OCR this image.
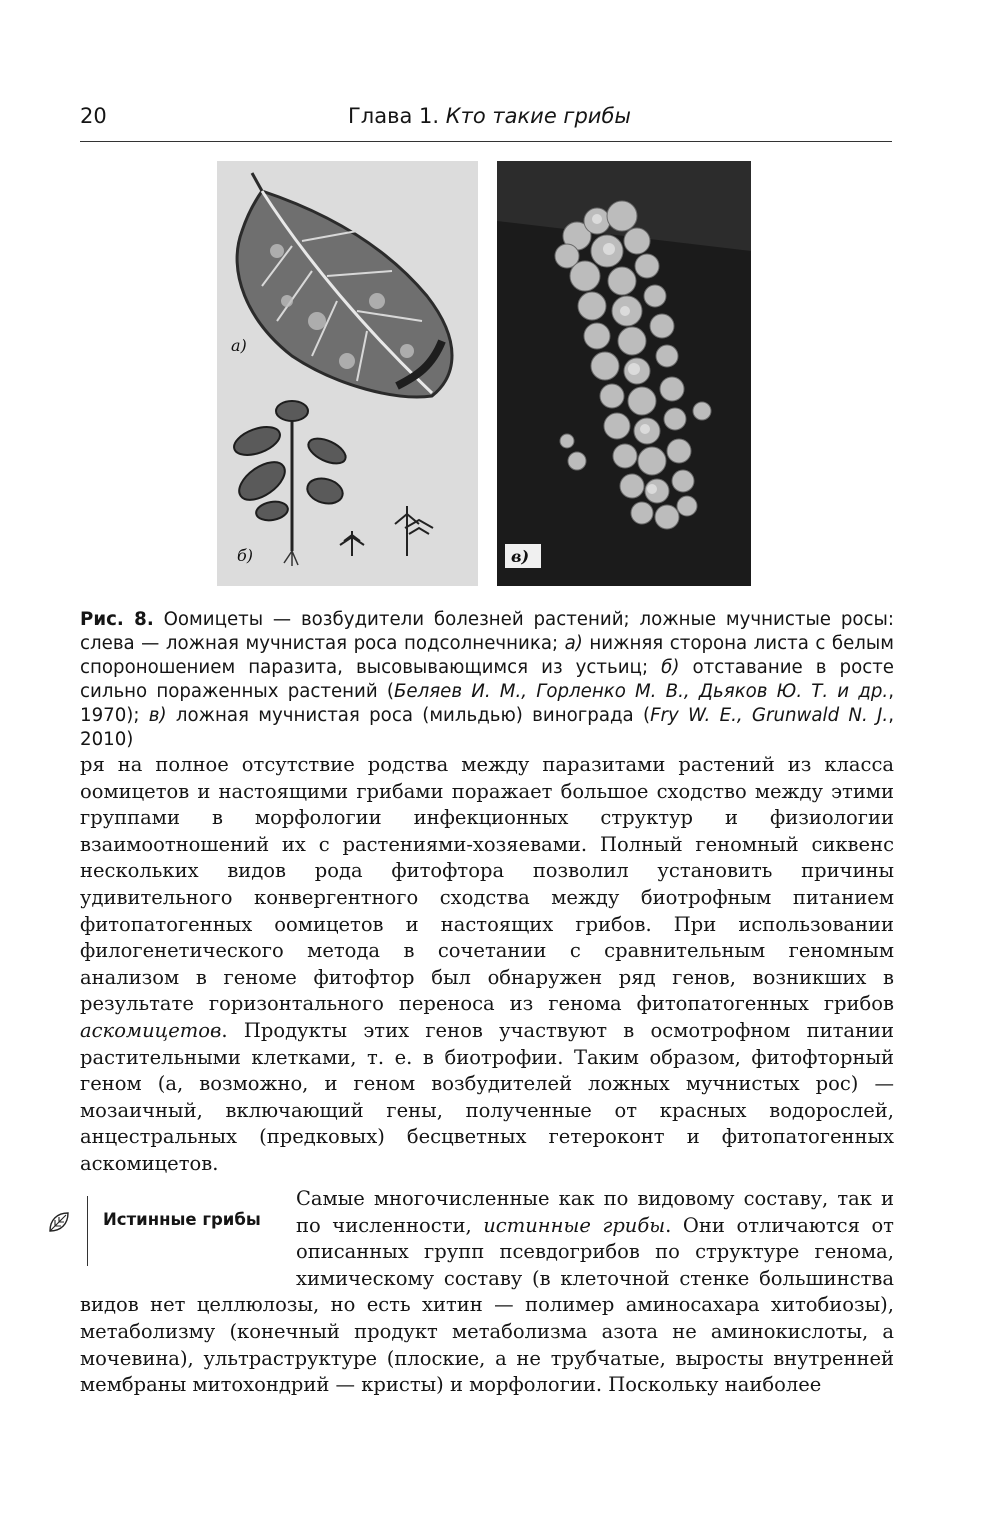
20	Глава 1. Кто такие грибы
а)
б)	в)
Рис. 8. Оомицеты — возбудители болезней растений; ложные мучнистые росы: слева — ложная мучнистая роса подсолнечника; а) нижняя сторона листа с белым спороношением паразита, высовывающимся из устьиц; б) отставание в росте сильно пораженных растений (Беляев И. М., Горленко М. В., Дьяков Ю. Т. и др., 1970); в) ложная мучнистая роса (мильдью) винограда (Fry W. E., Grunwald N. J., 2010)
ря на полное отсутствие родства между паразитами растений из класса оомицетов и настоящими грибами поражает большое сходство между этими группами в морфологии инфекционных структур и физиологии взаимоотношений их с растениями-хозяевами. Полный геномный сиквенс нескольких видов рода фитофтора позволил установить причины удивительного конвергентного сходства между биотрофным питанием фитопатогенных оомицетов и настоящих грибов. При использовании филогенетического метода в сочетании с сравнительным геномным анализом в геноме фитофтор был обнаружен ряд генов, возникших в результате горизонтального переноса из генома фитопатогенных грибов аскомицетов. Продукты этих генов участвуют в осмотрофном питании растительными клетками, т. е. в биотрофии. Таким образом, фитофторный геном (а, возможно, и геном возбудителей ложных мучнистых рос) — мозаичный, включающий гены, полученные от красных водорослей, анцестральных (предковых) бесцветных гетероконт и фитопатогенных аскомицетов.
Истинные грибы
Самые многочисленные как по видовому составу, так и по численности, истинные грибы. Они отличаются от описанных групп псевдогрибов по структуре генома, химическому составу (в клеточной стенке большинства видов нет целлюлозы, но есть хитин — полимер аминосахара хитобиозы), метаболизму (конечный продукт метаболизма азота не аминокислоты, а мочевина), ультраструктуре (плоские, а не трубчатые, выросты внутренней мембраны митохондрий — кристы) и морфологии. Поскольку наиболее
